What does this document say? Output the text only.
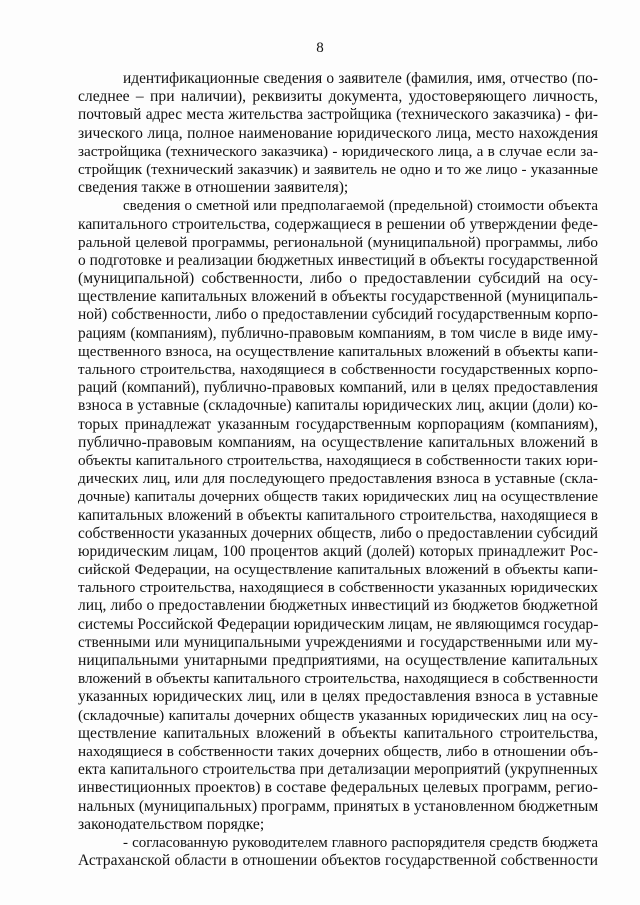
8
идентификационные сведения о заявителе (фамилия, имя, отчество (по-
следнее – при наличии), реквизиты документа, удостоверяющего личность,
почтовый адрес места жительства застройщика (технического заказчика) - фи-
зического лица, полное наименование юридического лица, место нахождения
застройщика (технического заказчика) - юридического лица, а в случае если за-
стройщик (технический заказчик) и заявитель не одно и то же лицо - указанные
сведения также в отношении заявителя);
сведения о сметной или предполагаемой (предельной) стоимости объекта
капитального строительства, содержащиеся в решении об утверждении феде-
ральной целевой программы, региональной (муниципальной) программы, либо
о подготовке и реализации бюджетных инвестиций в объекты государственной
(муниципальной) собственности, либо о предоставлении субсидий на осу-
ществление капитальных вложений в объекты государственной (муниципаль-
ной) собственности, либо о предоставлении субсидий государственным корпо-
рациям (компаниям), публично-правовым компаниям, в том числе в виде иму-
щественного взноса, на осуществление капитальных вложений в объекты капи-
тального строительства, находящиеся в собственности государственных корпо-
раций (компаний), публично-правовых компаний, или в целях предоставления
взноса в уставные (складочные) капиталы юридических лиц, акции (доли) ко-
торых принадлежат указанным государственным корпорациям (компаниям),
публично-правовым компаниям, на осуществление капитальных вложений в
объекты капитального строительства, находящиеся в собственности таких юри-
дических лиц, или для последующего предоставления взноса в уставные (скла-
дочные) капиталы дочерних обществ таких юридических лиц на осуществление
капитальных вложений в объекты капитального строительства, находящиеся в
собственности указанных дочерних обществ, либо о предоставлении субсидий
юридическим лицам, 100 процентов акций (долей) которых принадлежит Рос-
сийской Федерации, на осуществление капитальных вложений в объекты капи-
тального строительства, находящиеся в собственности указанных юридических
лиц, либо о предоставлении бюджетных инвестиций из бюджетов бюджетной
системы Российской Федерации юридическим лицам, не являющимся государ-
ственными или муниципальными учреждениями и государственными или му-
ниципальными унитарными предприятиями, на осуществление капитальных
вложений в объекты капитального строительства, находящиеся в собственности
указанных юридических лиц, или в целях предоставления взноса в уставные
(складочные) капиталы дочерних обществ указанных юридических лиц на осу-
ществление капитальных вложений в объекты капитального строительства,
находящиеся в собственности таких дочерних обществ, либо в отношении объ-
екта капитального строительства при детализации мероприятий (укрупненных
инвестиционных проектов) в составе федеральных целевых программ, регио-
нальных (муниципальных) программ, принятых в установленном бюджетным
законодательством порядке;
- согласованную руководителем главного распорядителя средств бюджета
Астраханской области в отношении объектов государственной собственности
